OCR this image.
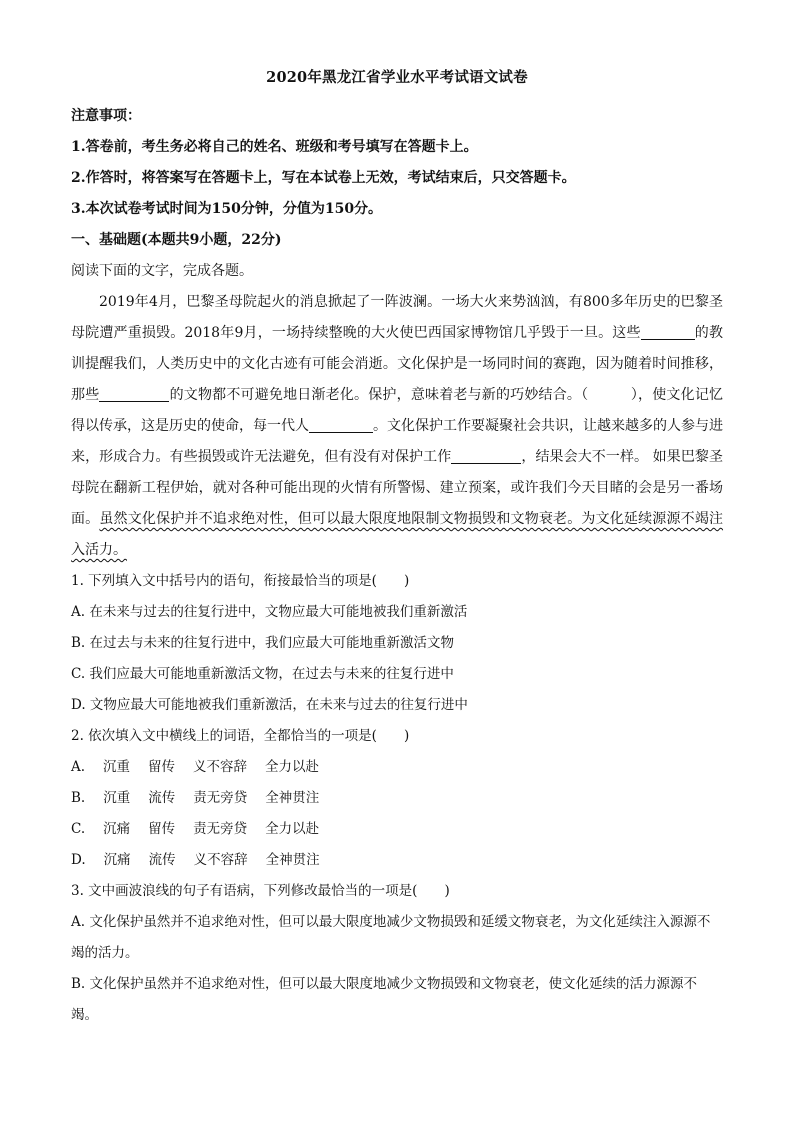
2020年黑龙江省学业水平考试语文试卷
注意事项：
1.答卷前，考生务必将自己的姓名、班级和考号填写在答题卡上。
2.作答时，将答案写在答题卡上，写在本试卷上无效，考试结束后，只交答题卡。
3.本次试卷考试时间为150分钟，分值为150分。
一、基础题(本题共9小题，22分)
阅读下面的文字，完成各题。

2019年4月，巴黎圣母院起火的消息掀起了一阵波澜。一场大火来势汹汹，有800多年历史的巴黎圣母院遭严重损毁。2018年9月，一场持续整晚的大火使巴西国家博物馆几乎毁于一旦。这些	的教训提醒我们，人类历史中的文化古迹有可能会消逝。文化保护是一场同时间的赛跑，因为随着时间推移，那些	的文物都不可避免地日渐老化。保护，意味着老与新的巧妙结合。（　　　），使文化记忆得以传承，这是历史的使命，每一代人	。文化保护工作要凝聚社会共识，让越来越多的人参与进来，形成合力。有些损毁或许无法避免，但有没有对保护工作	，结果会大不一样。 如果巴黎圣母院在翻新工程伊始，就对各种可能出现的火情有所警惕、建立预案，或许我们今天目睹的会是另一番场面。虽然文化保护并不追求绝对性，但可以最大限度地限制文物损毁和文物衰老。为文化延续源源不竭注入活力。

1. 下列填入文中括号内的语句，衔接最恰当的项是(　　)
A. 在未来与过去的往复行进中，文物应最大可能地被我们重新激活
B. 在过去与未来的往复行进中，我们应最大可能地重新激活文物
C. 我们应最大可能地重新激活文物，在过去与未来的往复行进中
D. 文物应最大可能地被我们重新激活，在未来与过去的往复行进中
2. 依次填入文中横线上的词语，全都恰当的一项是(　　)
A. 沉重 留传 义不容辞 全力以赴
B. 沉重 流传 责无旁贷 全神贯注
C. 沉痛 留传 责无旁贷 全力以赴
D. 沉痛 流传 义不容辞 全神贯注
3. 文中画波浪线的句子有语病，下列修改最恰当的一项是(　　)
A. 文化保护虽然并不追求绝对性，但可以最大限度地减少文物损毁和延缓文物衰老，为文化延续注入源源不竭的活力。
B. 文化保护虽然并不追求绝对性，但可以最大限度地减少文物损毁和文物衰老，使文化延续的活力源源不竭。
